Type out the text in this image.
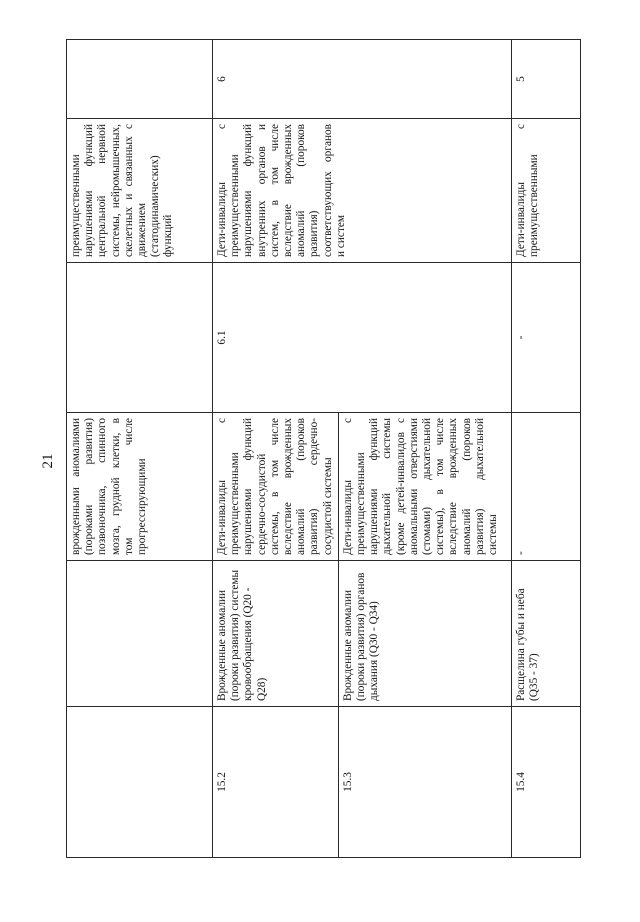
21
			врожденными аномалиями (пороками развития) позвоночника, спинного мозга, грудной клетки, в том числе прогрессирующими		преимущественными нарушениями функций центральной нервной системы, нейромышечных, скелетных и связанных с движением (статодинамических) функций	
15.2	Врожденные аномалии (пороки развития) системы кровообращения (Q20 - Q28)	Дети-инвалиды с преимущественными нарушениями функций сердечно-сосудистой системы, в том числе вследствие врожденных аномалий (пороков развития) сердечно-сосудистой системы	6.1	Дети-инвалиды с преимущественными нарушениями функций внутренних органов и систем, в том числе вследствие врожденных аномалий (пороков развития) соответствующих органов и систем	6
15.3	Врожденные аномалии (пороки развития) органов дыхания (Q30 - Q34)	Дети-инвалиды с преимущественными нарушениями функций дыхательной системы (кроме детей-инвалидов с аномальными отверстиями (стомами) дыхательной системы), в том числе вследствие врожденных аномалий (пороков развития) дыхательной системы			
15.4	Расщелина губы и неба (Q35 - 37)	-	-	Дети-инвалиды с преимущественными	5
